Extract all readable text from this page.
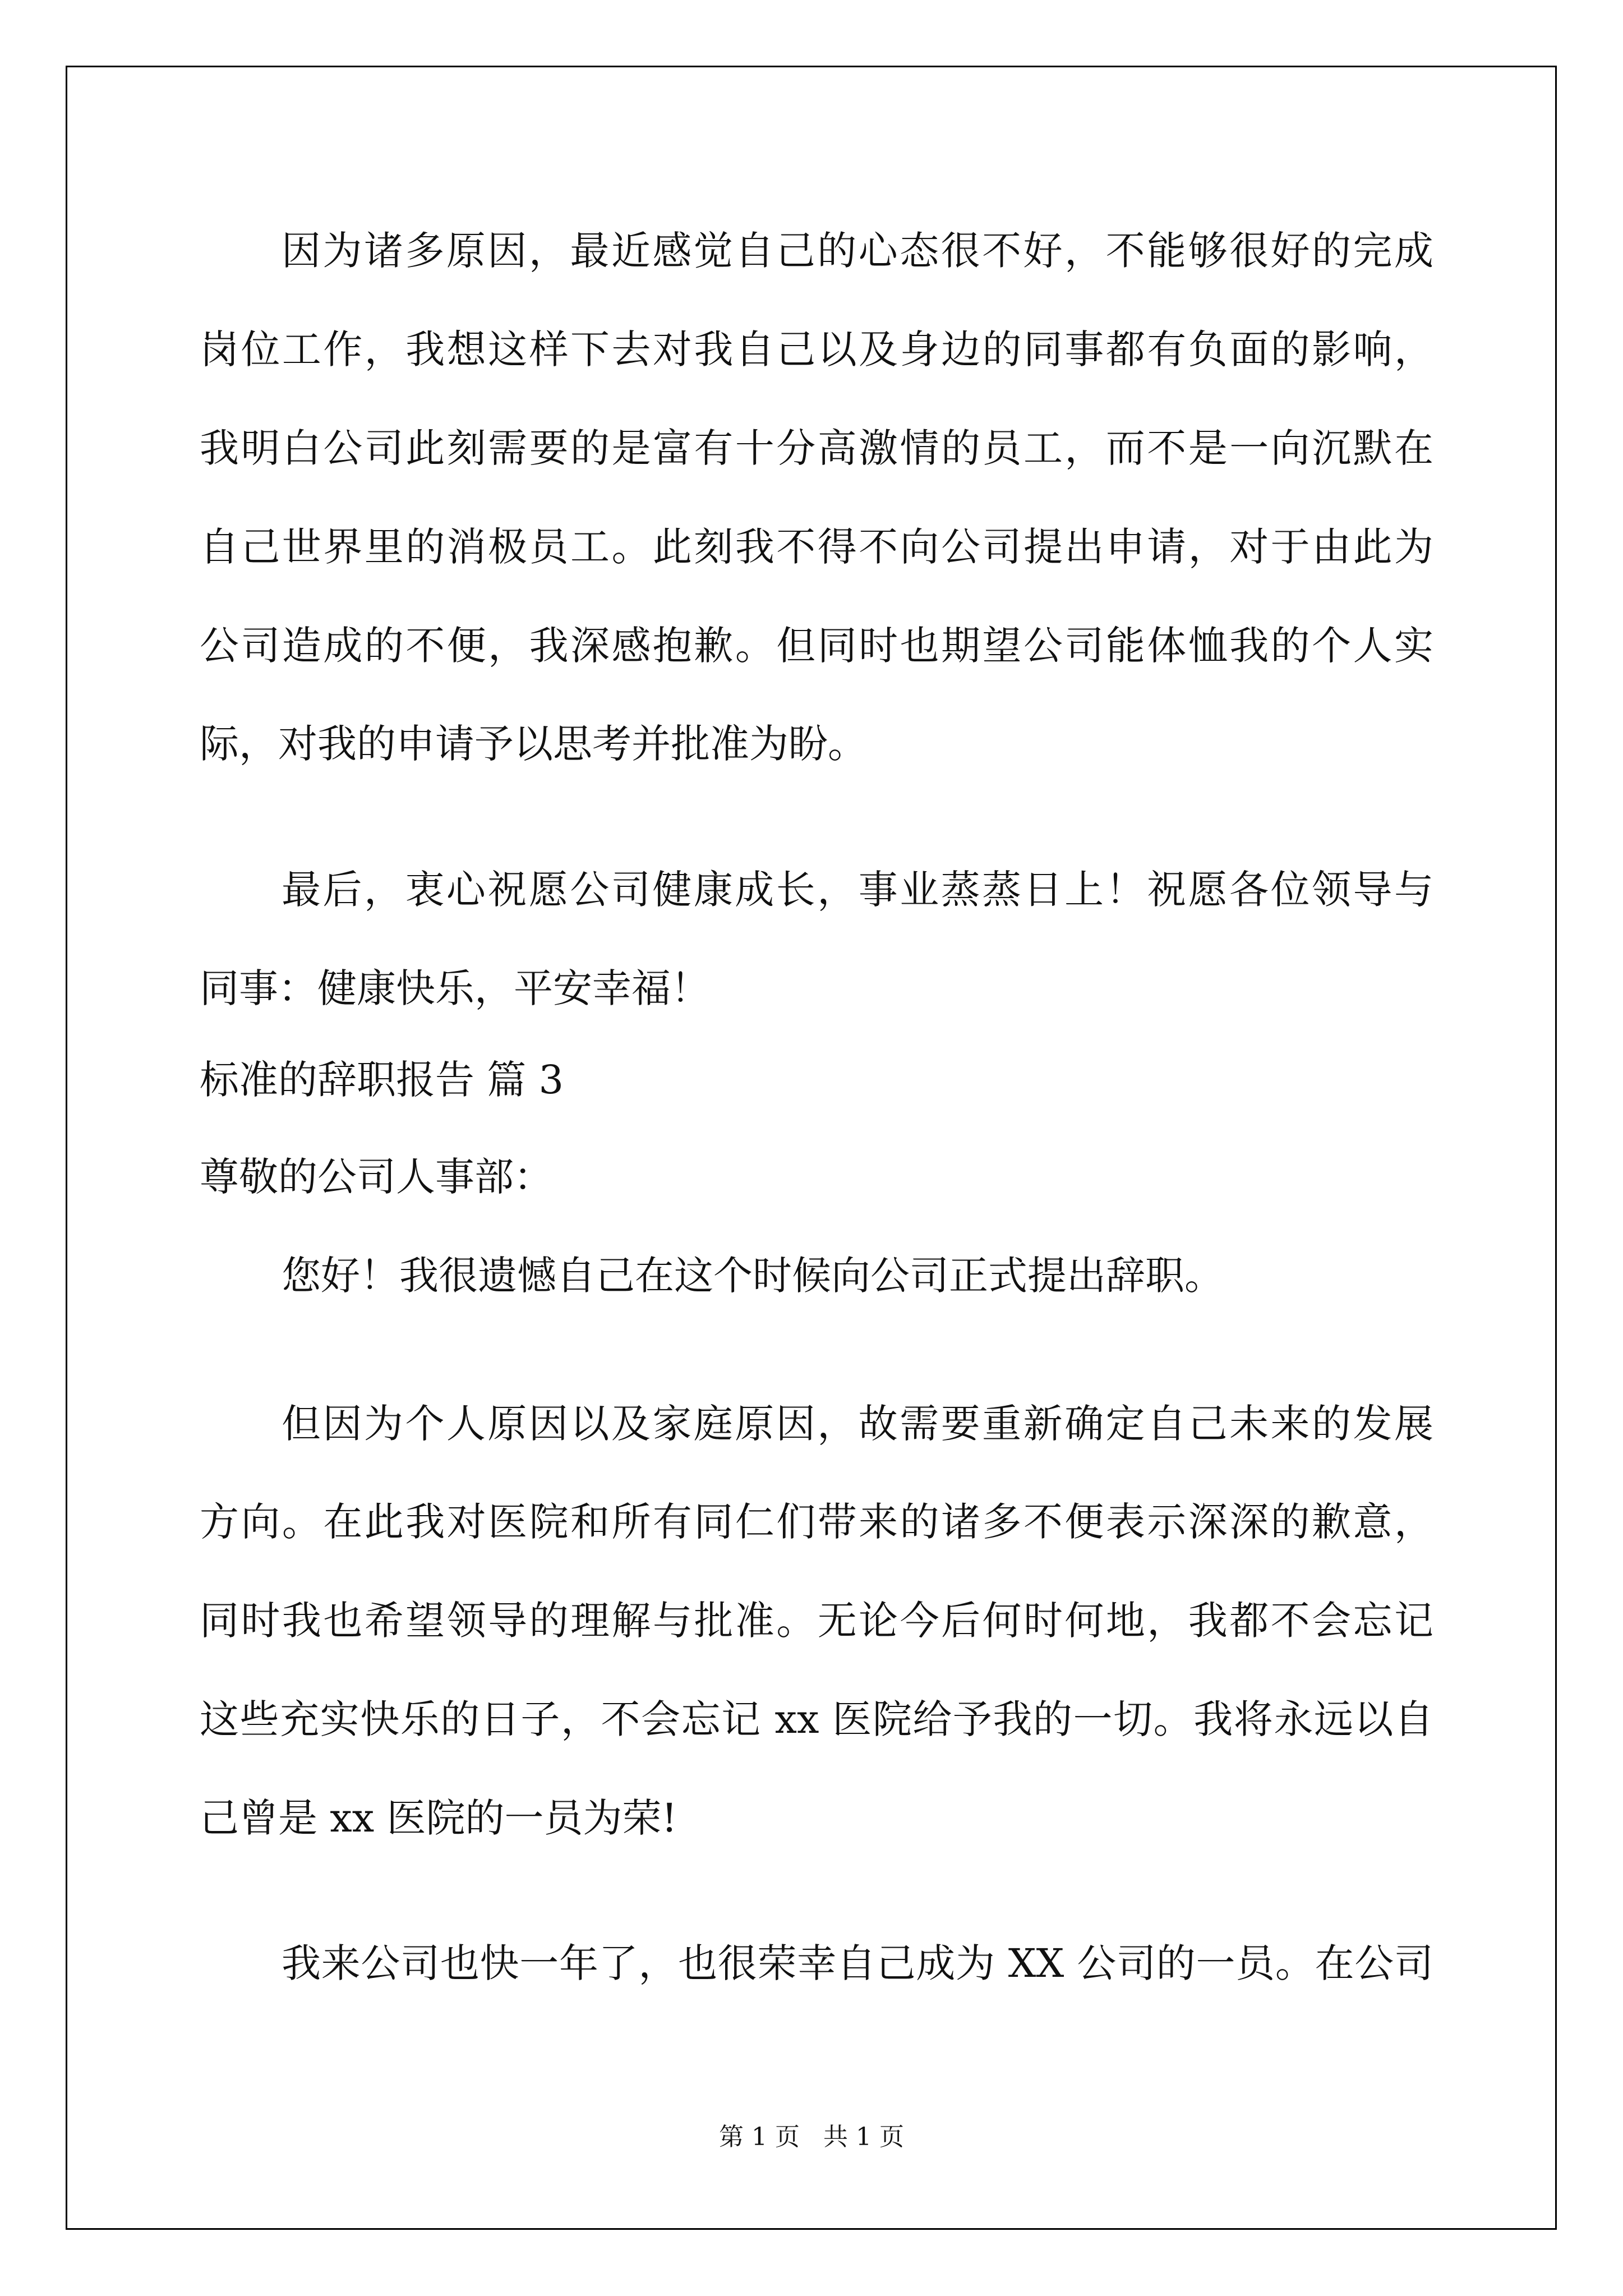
因为诸多原因，最近感觉自己的心态很不好，不能够很好的完成
岗位工作，我想这样下去对我自己以及身边的同事都有负面的影响，
我明白公司此刻需要的是富有十分高激情的员工，而不是一向沉默在
自己世界里的消极员工。此刻我不得不向公司提出申请，对于由此为
公司造成的不便，我深感抱歉。但同时也期望公司能体恤我的个人实
际，对我的申请予以思考并批准为盼。
最后，衷心祝愿公司健康成长，事业蒸蒸日上！祝愿各位领导与
同事：健康快乐，平安幸福！
标准的辞职报告 篇 3
尊敬的公司人事部：
您好！我很遗憾自己在这个时候向公司正式提出辞职。
但因为个人原因以及家庭原因，故需要重新确定自己未来的发展
方向。在此我对医院和所有同仁们带来的诸多不便表示深深的歉意，
同时我也希望领导的理解与批准。无论今后何时何地，我都不会忘记
这些充实快乐的日子，不会忘记 xx 医院给予我的一切。我将永远以自
己曾是 xx 医院的一员为荣!
我来公司也快一年了，也很荣幸自己成为 XX 公司的一员。在公司
第 1 页   共 1 页
